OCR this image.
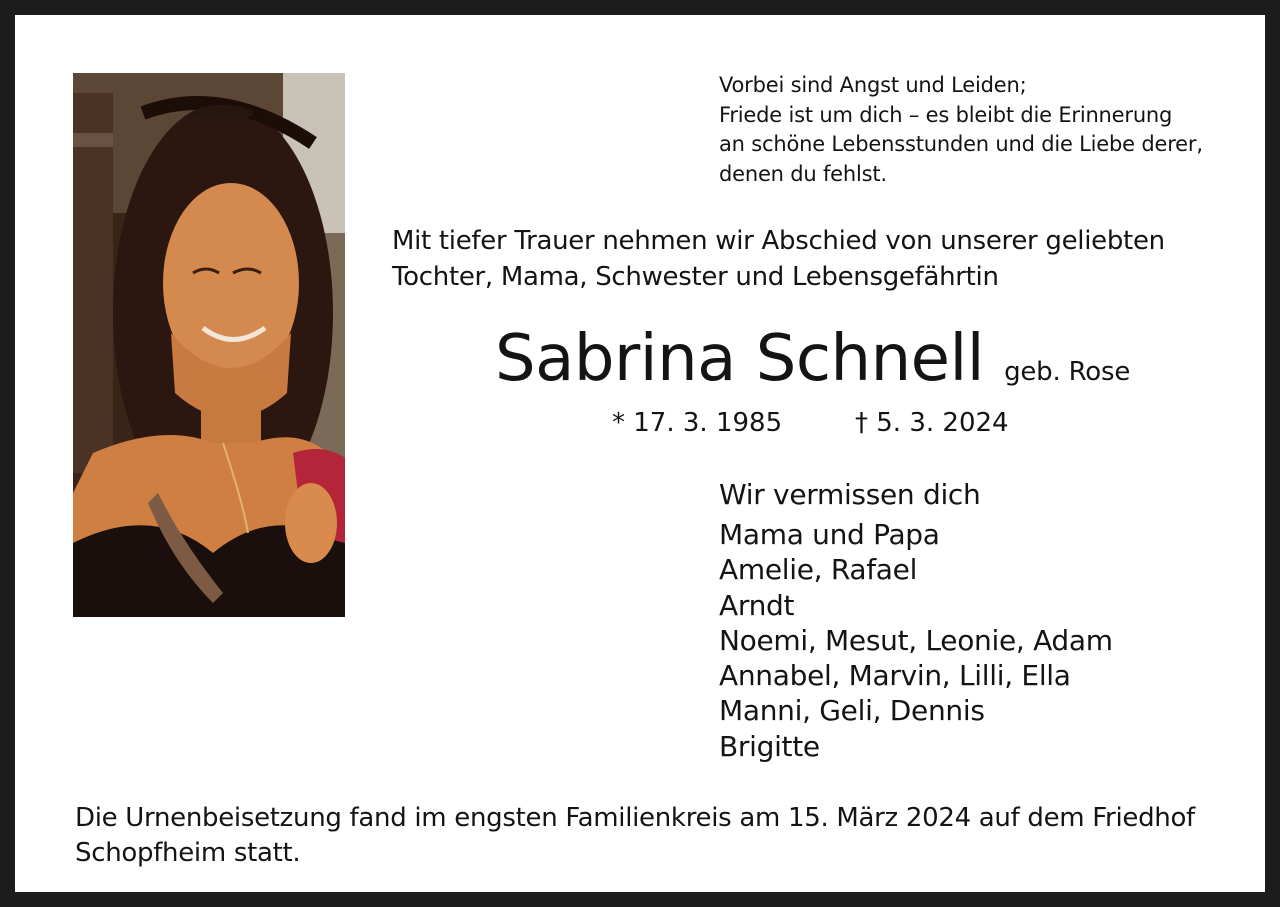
Vorbei sind Angst und Leiden;
Friede ist um dich – es bleibt die Erinnerung
an schöne Lebensstunden und die Liebe derer,
denen du fehlst.
Mit tiefer Trauer nehmen wir Abschied von unserer geliebten
Tochter, Mama, Schwester und Lebensgefährtin
Sabrina Schnell geb. Rose
* 17. 3. 1985	† 5. 3. 2024
Wir vermissen dich
Mama und Papa
Amelie, Rafael
Arndt
Noemi, Mesut, Leonie, Adam
Annabel, Marvin, Lilli, Ella
Manni, Geli, Dennis
Brigitte
Die Urnenbeisetzung fand im engsten Familienkreis am 15. März 2024 auf dem Friedhof
Schopfheim statt.
